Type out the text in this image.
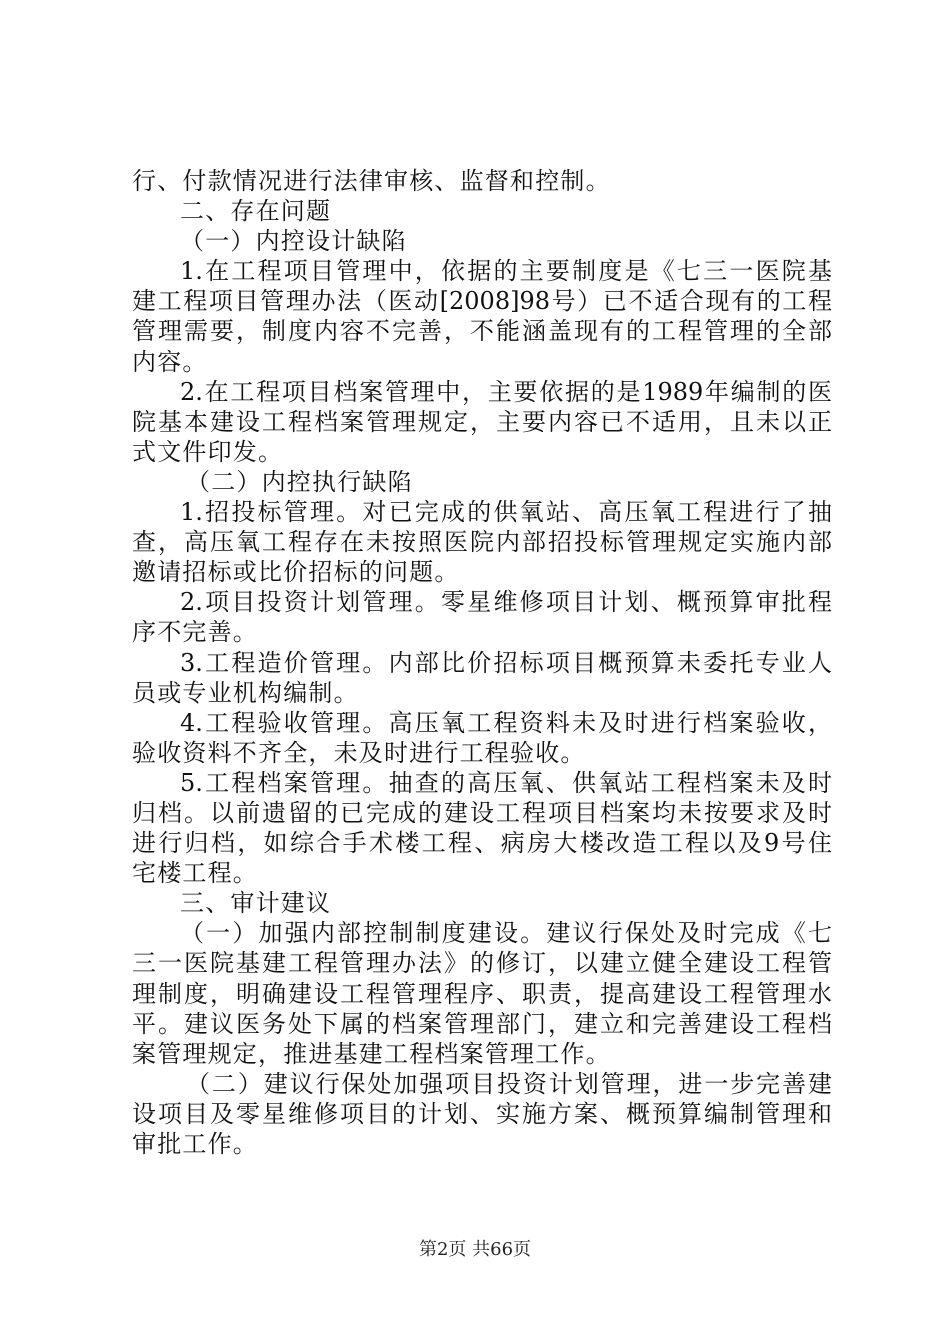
行、付款情况进行法律审核、监督和控制。
二、存在问题
（一）内控设计缺陷
1.在工程项目管理中，依据的主要制度是《七三一医院基
建工程项目管理办法（医动[2008]98号）已不适合现有的工程
管理需要，制度内容不完善，不能涵盖现有的工程管理的全部
内容。
2.在工程项目档案管理中，主要依据的是1989年编制的医
院基本建设工程档案管理规定，主要内容已不适用，且未以正
式文件印发。
（二）内控执行缺陷
1.招投标管理。对已完成的供氧站、高压氧工程进行了抽
查，高压氧工程存在未按照医院内部招投标管理规定实施内部
邀请招标或比价招标的问题。
2.项目投资计划管理。零星维修项目计划、概预算审批程
序不完善。
3.工程造价管理。内部比价招标项目概预算未委托专业人
员或专业机构编制。
4.工程验收管理。高压氧工程资料未及时进行档案验收，
验收资料不齐全，未及时进行工程验收。
5.工程档案管理。抽查的高压氧、供氧站工程档案未及时
归档。以前遗留的已完成的建设工程项目档案均未按要求及时
进行归档，如综合手术楼工程、病房大楼改造工程以及9号住
宅楼工程。
三、审计建议
（一）加强内部控制制度建设。建议行保处及时完成《七
三一医院基建工程管理办法》的修订，以建立健全建设工程管
理制度，明确建设工程管理程序、职责，提高建设工程管理水
平。建议医务处下属的档案管理部门，建立和完善建设工程档
案管理规定，推进基建工程档案管理工作。
（二）建议行保处加强项目投资计划管理，进一步完善建
设项目及零星维修项目的计划、实施方案、概预算编制管理和
审批工作。
第2页 共66页
